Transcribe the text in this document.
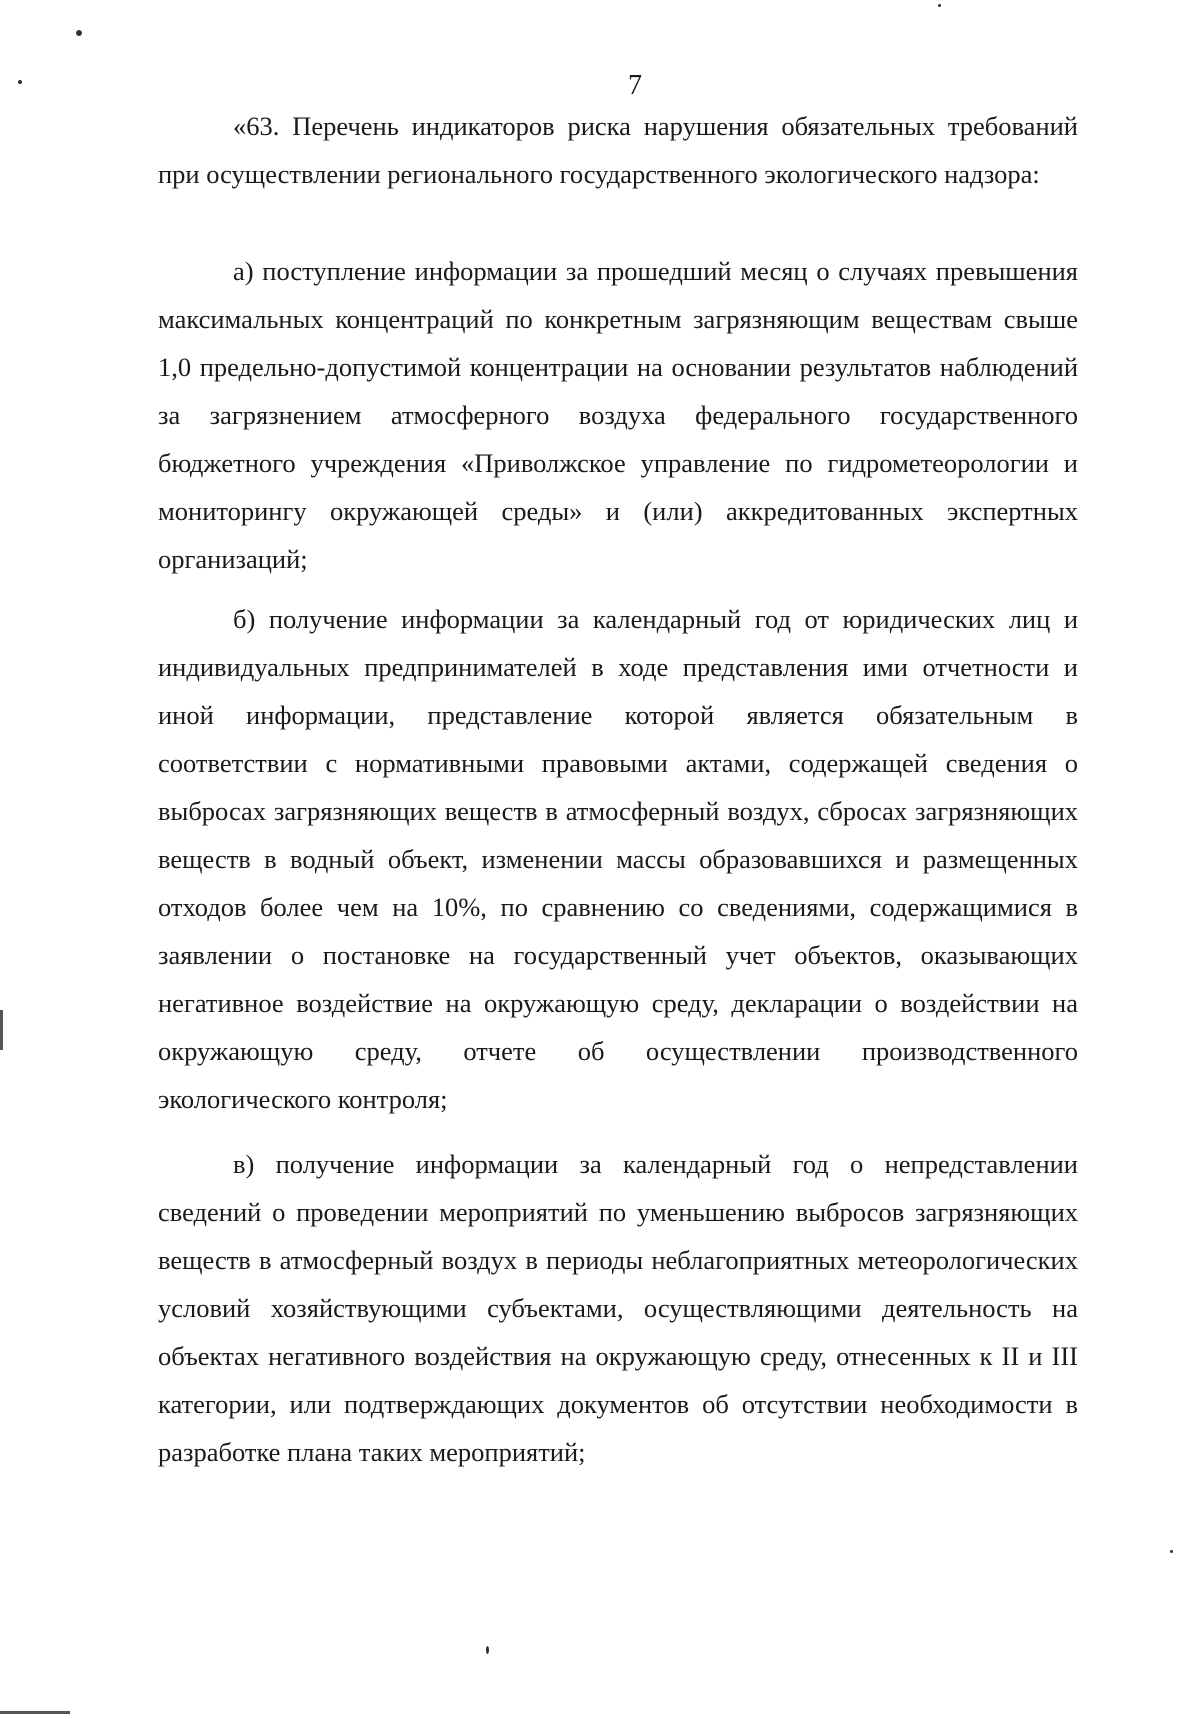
7

«63. Перечень индикаторов риска нарушения обязательных требований при осуществлении регионального государственного экологического надзора:

а) поступление информации за прошедший месяц о случаях превышения максимальных концентраций по конкретным загрязняющим веществам свыше 1,0 предельно-допустимой концентрации на основании результатов наблюдений за загрязнением атмосферного воздуха федерального государственного бюджетного учреждения «Приволжское управление по гидрометеорологии и мониторингу окружающей среды» и (или) аккредитованных экспертных организаций;

б) получение информации за календарный год от юридических лиц и индивидуальных предпринимателей в ходе представления ими отчетности и иной информации, представление которой является обязательным в соответствии с нормативными правовыми актами, содержащей сведения о выбросах загрязняющих веществ в атмосферный воздух, сбросах загрязняющих веществ в водный объект, изменении массы образовавшихся и размещенных отходов более чем на 10%, по сравнению со сведениями, содержащимися в заявлении о постановке на государственный учет объектов, оказывающих негативное воздействие на окружающую среду, декларации о воздействии на окружающую среду, отчете об осуществлении производственного экологического контроля;

в) получение информации за календарный год о непредставлении сведений о проведении мероприятий по уменьшению выбросов загрязняющих веществ в атмосферный воздух в периоды неблагоприятных метеорологических условий хозяйствующими субъектами, осуществляющими деятельность на объектах негативного воздействия на окружающую среду, отнесенных к II и III категории, или подтверждающих документов об отсутствии необходимости в разработке плана таких мероприятий;
